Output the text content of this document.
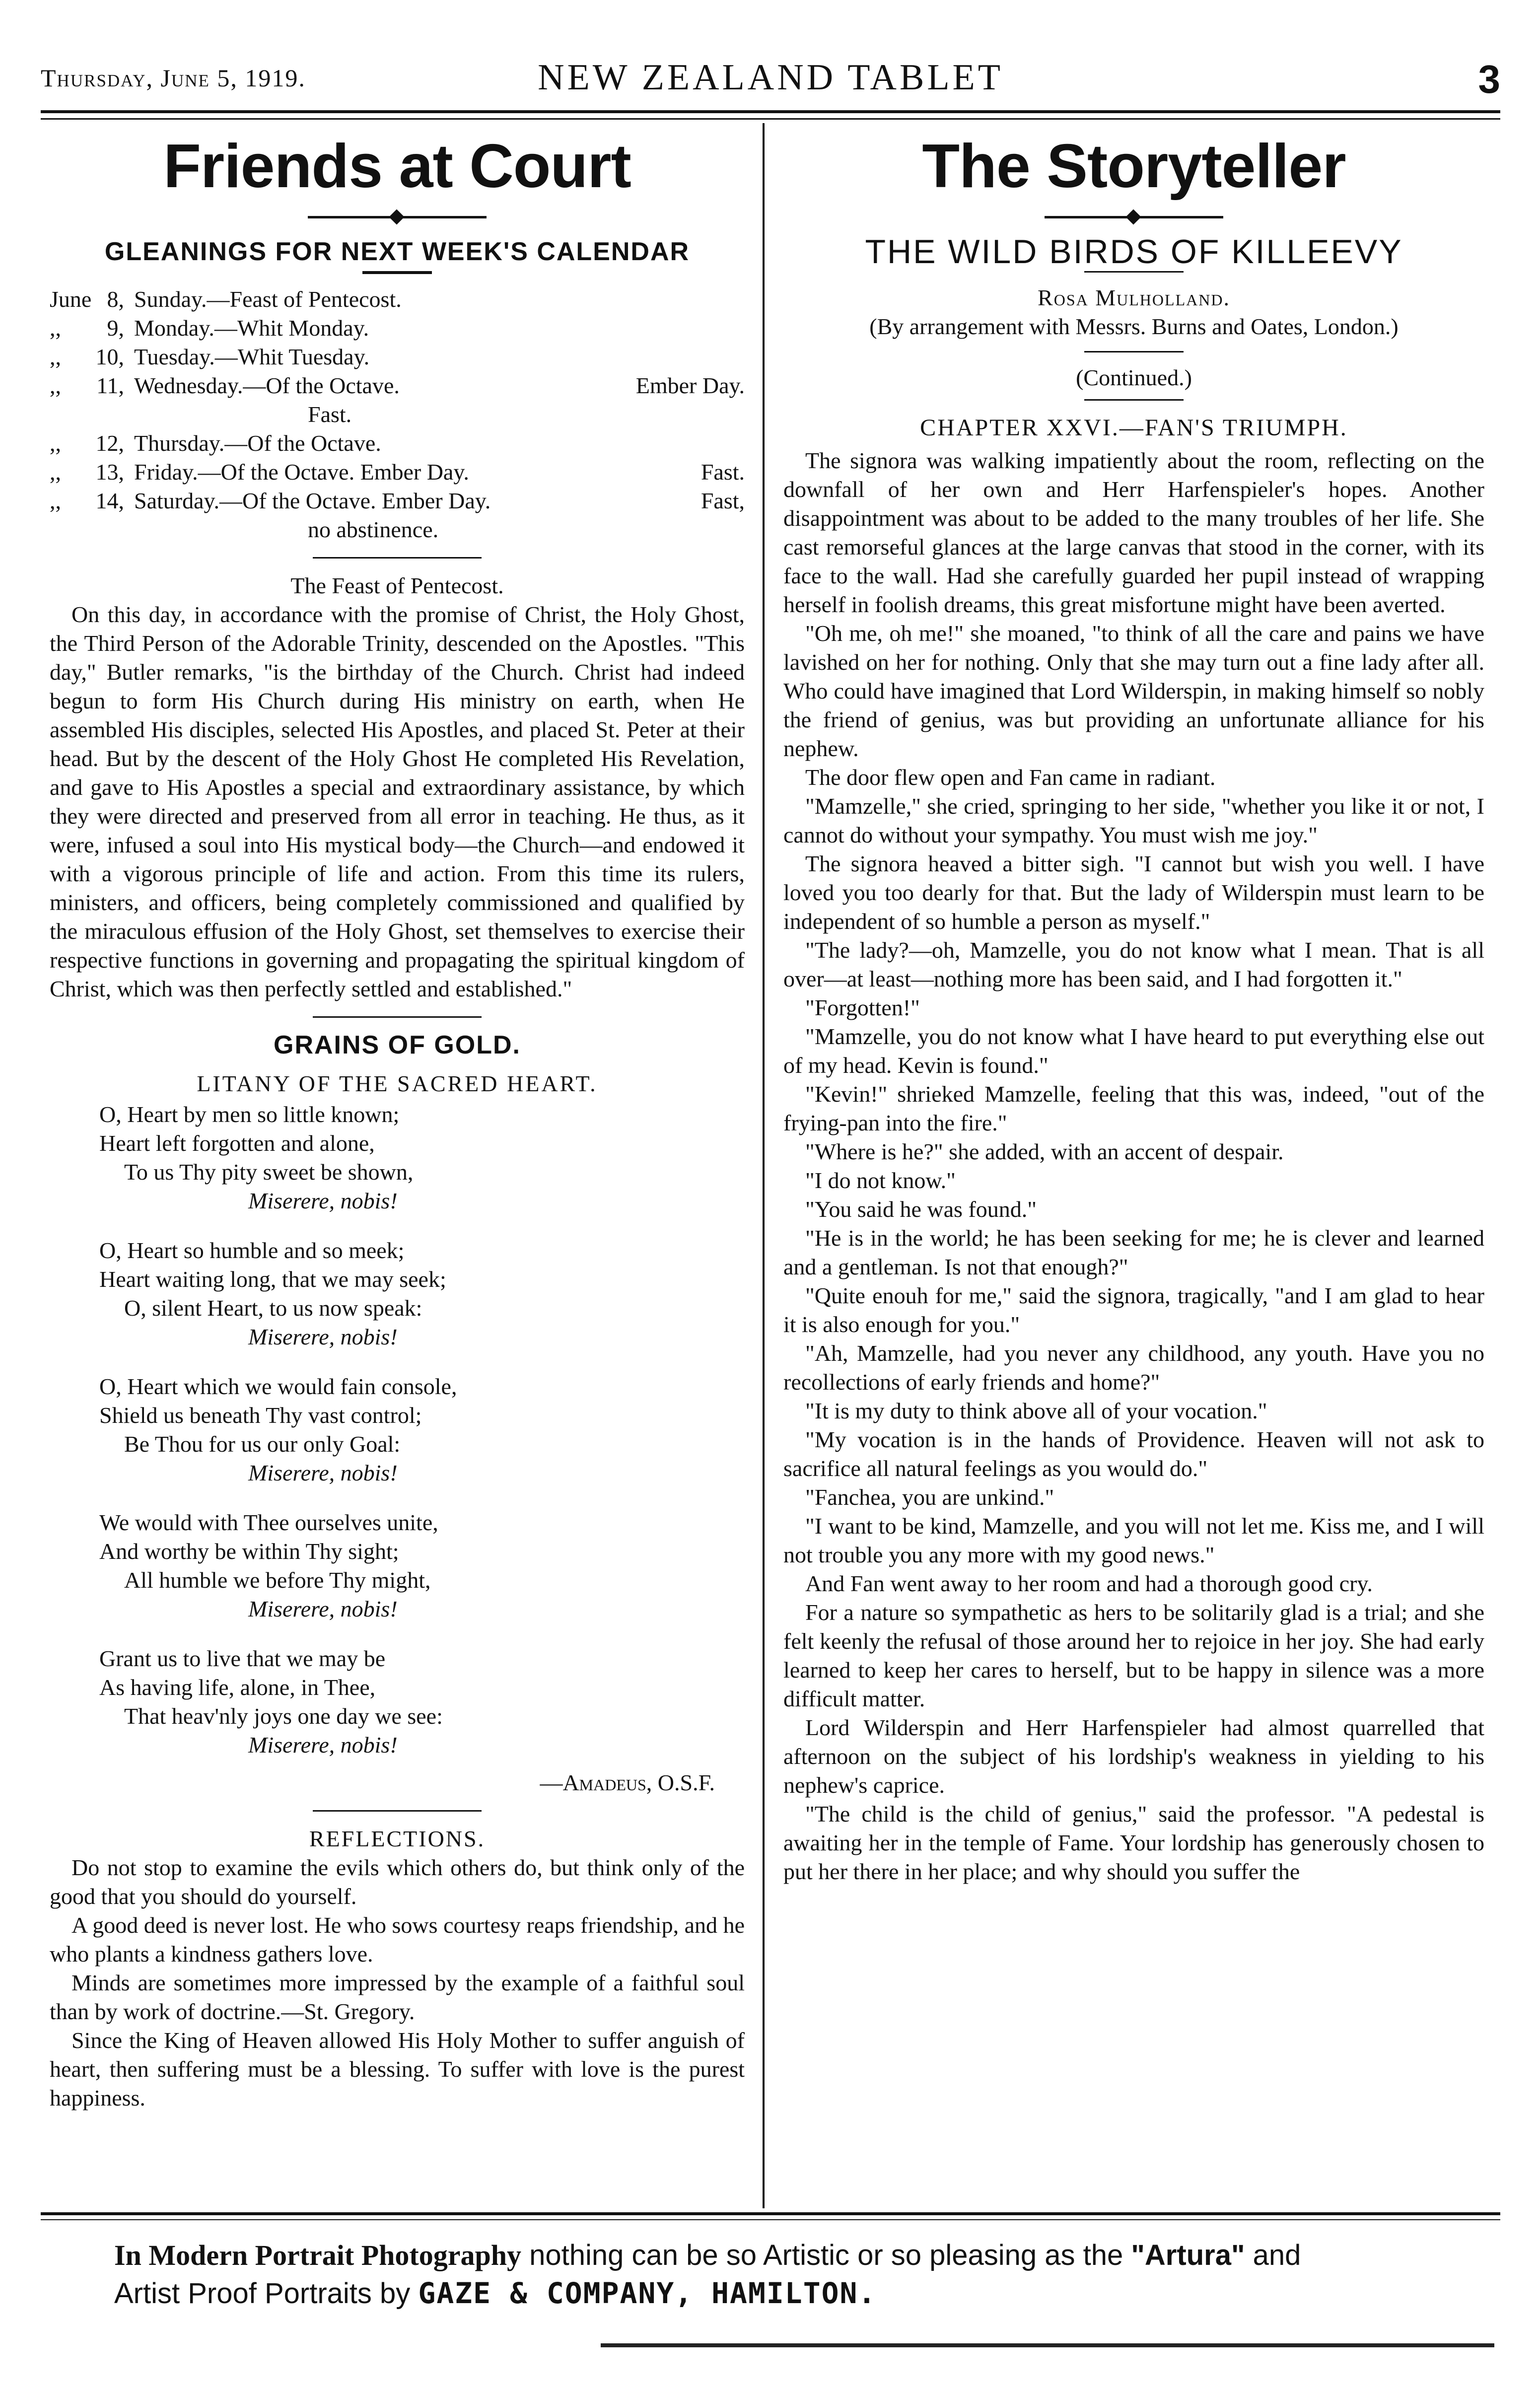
Thursday, June 5, 1919.	NEW ZEALAND TABLET	3
Friends at Court
GLEANINGS FOR NEXT WEEK'S CALENDAR
June 8, Sunday.—Feast of Pentecost.
,,	9, Monday.—Whit Monday.
,,	10, Tuesday.—Whit Tuesday.
,,	11, Wednesday.—Of the Octave.	Ember Day.
Fast.
,,	12, Thursday.—Of the Octave.
,,	13, Friday.—Of the Octave. Ember Day.	Fast.
,,	14, Saturday.—Of the Octave. Ember Day.	Fast,
no abstinence.
The Feast of Pentecost.

On this day, in accordance with the promise of Christ, the Holy Ghost, the Third Person of the Adorable Trinity, descended on the Apostles. "This day," Butler remarks, "is the birthday of the Church. Christ had indeed begun to form His Church during His ministry on earth, when He assembled His disciples, selected His Apostles, and placed St. Peter at their head. But by the descent of the Holy Ghost He completed His Revelation, and gave to His Apostles a special and extraordinary assistance, by which they were directed and preserved from all error in teaching. He thus, as it were, infused a soul into His mystical body—the Church—and endowed it with a vigorous principle of life and action. From this time its rulers, ministers, and officers, being completely commissioned and qualified by the miraculous effusion of the Holy Ghost, set themselves to exercise their respective functions in governing and propagating the spiritual kingdom of Christ, which was then perfectly settled and established."

GRAINS OF GOLD.
LITANY OF THE SACRED HEART.
O, Heart by men so little known;
Heart left forgotten and alone,
To us Thy pity sweet be shown,
Miserere, nobis!
O, Heart so humble and so meek;
Heart waiting long, that we may seek;
O, silent Heart, to us now speak:
Miserere, nobis!
O, Heart which we would fain console,
Shield us beneath Thy vast control;
Be Thou for us our only Goal:
Miserere, nobis!
We would with Thee ourselves unite,
And worthy be within Thy sight;
All humble we before Thy might,
Miserere, nobis!
Grant us to live that we may be
As having life, alone, in Thee,
That heav'nly joys one day we see:
Miserere, nobis!
—Amadeus, O.S.F.
REFLECTIONS.

Do not stop to examine the evils which others do, but think only of the good that you should do yourself.

A good deed is never lost. He who sows courtesy reaps friendship, and he who plants a kindness gathers love.

Minds are sometimes more impressed by the example of a faithful soul than by work of doctrine.—St. Gregory.

Since the King of Heaven allowed His Holy Mother to suffer anguish of heart, then suffering must be a blessing. To suffer with love is the purest happiness.

The Storyteller
THE WILD BIRDS OF KILLEEVY
Rosa Mulholland.
(By arrangement with Messrs. Burns and Oates, London.)
(Continued.)
CHAPTER XXVI.—FAN'S TRIUMPH.

The signora was walking impatiently about the room, reflecting on the downfall of her own and Herr Harfenspieler's hopes. Another disappointment was about to be added to the many troubles of her life. She cast remorseful glances at the large canvas that stood in the corner, with its face to the wall. Had she carefully guarded her pupil instead of wrapping herself in foolish dreams, this great misfortune might have been averted.

"Oh me, oh me!" she moaned, "to think of all the care and pains we have lavished on her for nothing. Only that she may turn out a fine lady after all. Who could have imagined that Lord Wilderspin, in making himself so nobly the friend of genius, was but providing an unfortunate alliance for his nephew.

The door flew open and Fan came in radiant.

"Mamzelle," she cried, springing to her side, "whether you like it or not, I cannot do without your sympathy. You must wish me joy."

The signora heaved a bitter sigh. "I cannot but wish you well. I have loved you too dearly for that. But the lady of Wilderspin must learn to be independent of so humble a person as myself."

"The lady?—oh, Mamzelle, you do not know what I mean. That is all over—at least—nothing more has been said, and I had forgotten it."

"Forgotten!"

"Mamzelle, you do not know what I have heard to put everything else out of my head. Kevin is found."

"Kevin!" shrieked Mamzelle, feeling that this was, indeed, "out of the frying-pan into the fire."

"Where is he?" she added, with an accent of despair.

"I do not know."

"You said he was found."

"He is in the world; he has been seeking for me; he is clever and learned and a gentleman. Is not that enough?"

"Quite enouh for me," said the signora, tragically, "and I am glad to hear it is also enough for you."

"Ah, Mamzelle, had you never any childhood, any youth. Have you no recollections of early friends and home?"

"It is my duty to think above all of your vocation."

"My vocation is in the hands of Providence. Heaven will not ask to sacrifice all natural feelings as you would do."

"Fanchea, you are unkind."

"I want to be kind, Mamzelle, and you will not let me. Kiss me, and I will not trouble you any more with my good news."

And Fan went away to her room and had a thorough good cry.

For a nature so sympathetic as hers to be solitarily glad is a trial; and she felt keenly the refusal of those around her to rejoice in her joy. She had early learned to keep her cares to herself, but to be happy in silence was a more difficult matter.

Lord Wilderspin and Herr Harfenspieler had almost quarrelled that afternoon on the subject of his lordship's weakness in yielding to his nephew's caprice.

"The child is the child of genius," said the professor. "A pedestal is awaiting her in the temple of Fame. Your lordship has generously chosen to put her there in her place; and why should you suffer the

In Modern Portrait Photography nothing can be so Artistic or so pleasing as the "Artura" and
Artist Proof Portraits by GAZE & COMPANY, HAMILTON.
